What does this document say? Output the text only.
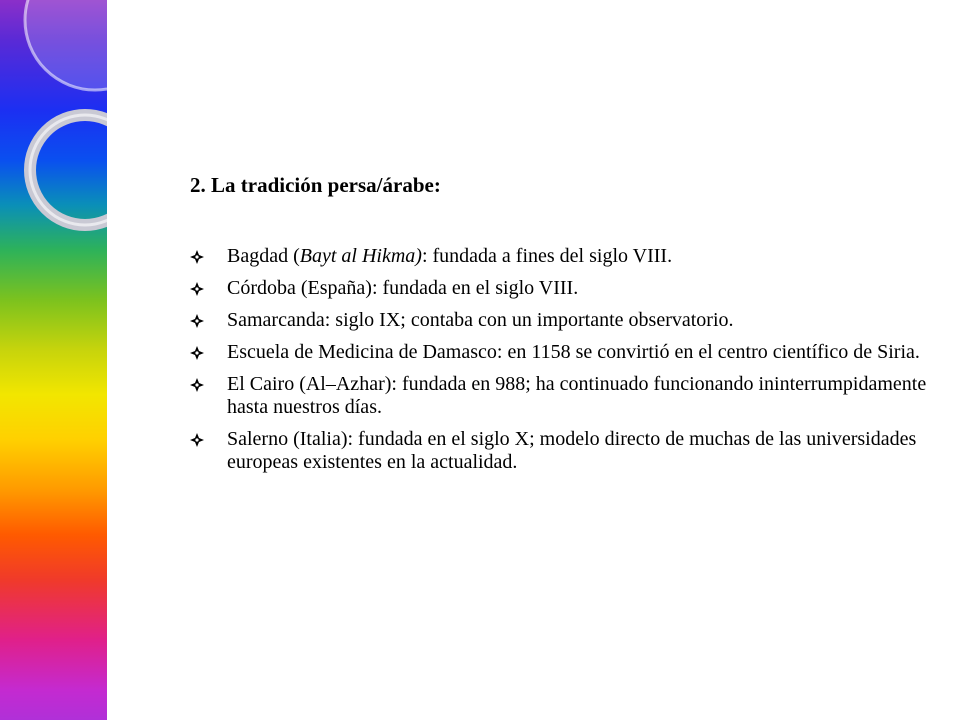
2. La tradición persa/árabe:
Bagdad (Bayt al Hikma): fundada a fines del siglo VIII.
Córdoba (España): fundada en el siglo VIII.
Samarcanda: siglo IX; contaba con un importante observatorio.
Escuela de Medicina de Damasco: en 1158 se convirtió en el centro científico de Siria.
El Cairo (Al–Azhar): fundada en 988; ha continuado funcionando ininterrumpidamente hasta nuestros días.
Salerno (Italia): fundada en el siglo X; modelo directo de muchas de las universidades europeas existentes en la actualidad.
